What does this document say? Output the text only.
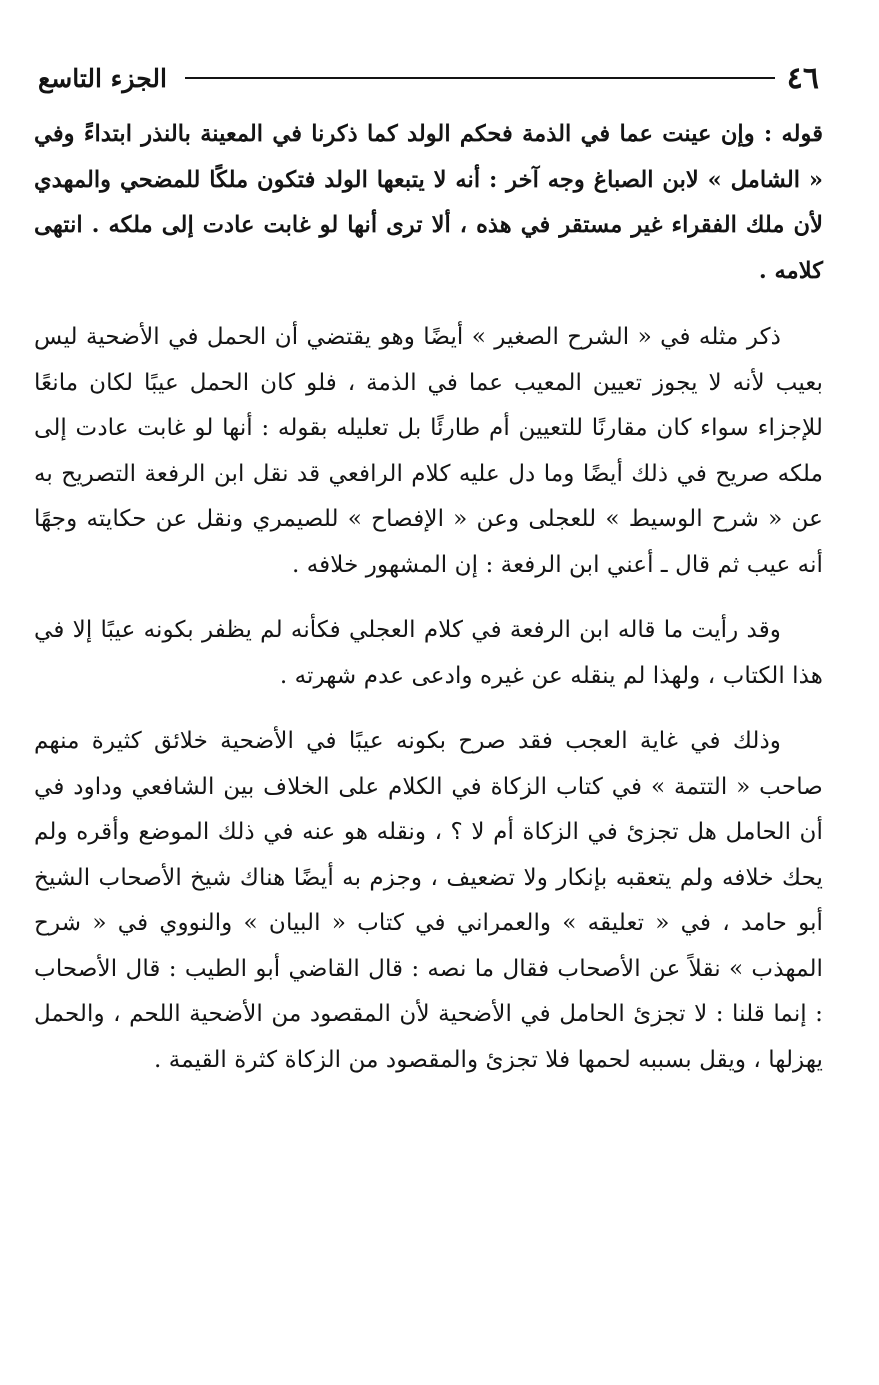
٤٦
الجزء التاسع

قوله : وإن عينت عما في الذمة فحكم الولد كما ذكرنا في المعينة بالنذر ابتداءً وفي « الشامل » لابن الصباغ وجه آخر : أنه لا يتبعها الولد فتكون ملكًا للمضحي والمهدي لأن ملك الفقراء غير مستقر في هذه ، ألا ترى أنها لو غابت عادت إلى ملكه . انتهى كلامه .

ذكر مثله في « الشرح الصغير » أيضًا وهو يقتضي أن الحمل في الأضحية ليس بعيب لأنه لا يجوز تعيين المعيب عما في الذمة ، فلو كان الحمل عيبًا لكان مانعًا للإجزاء سواء كان مقارنًا للتعيين أم طارئًا بل تعليله بقوله : أنها لو غابت عادت إلى ملكه صريح في ذلك أيضًا وما دل عليه كلام الرافعي قد نقل ابن الرفعة التصريح به عن « شرح الوسيط » للعجلى وعن « الإفصاح » للصيمري ونقل عن حكايته وجهًا أنه عيب ثم قال ـ أعني ابن الرفعة : إن المشهور خلافه .

وقد رأيت ما قاله ابن الرفعة في كلام العجلي فكأنه لم يظفر بكونه عيبًا إلا في هذا الكتاب ، ولهذا لم ينقله عن غيره وادعى عدم شهرته .

وذلك في غاية العجب فقد صرح بكونه عيبًا في الأضحية خلائق كثيرة منهم صاحب « التتمة » في كتاب الزكاة في الكلام على الخلاف بين الشافعي وداود في أن الحامل هل تجزئ في الزكاة أم لا ؟ ، ونقله هو عنه في ذلك الموضع وأقره ولم يحك خلافه ولم يتعقبه بإنكار ولا تضعيف ، وجزم به أيضًا هناك شيخ الأصحاب الشيخ أبو حامد ، في « تعليقه » والعمراني في كتاب « البيان » والنووي في « شرح المهذب » نقلاً عن الأصحاب فقال ما نصه : قال القاضي أبو الطيب : قال الأصحاب : إنما قلنا : لا تجزئ الحامل في الأضحية لأن المقصود من الأضحية اللحم ، والحمل يهزلها ، ويقل بسببه لحمها فلا تجزئ والمقصود من الزكاة كثرة القيمة .
